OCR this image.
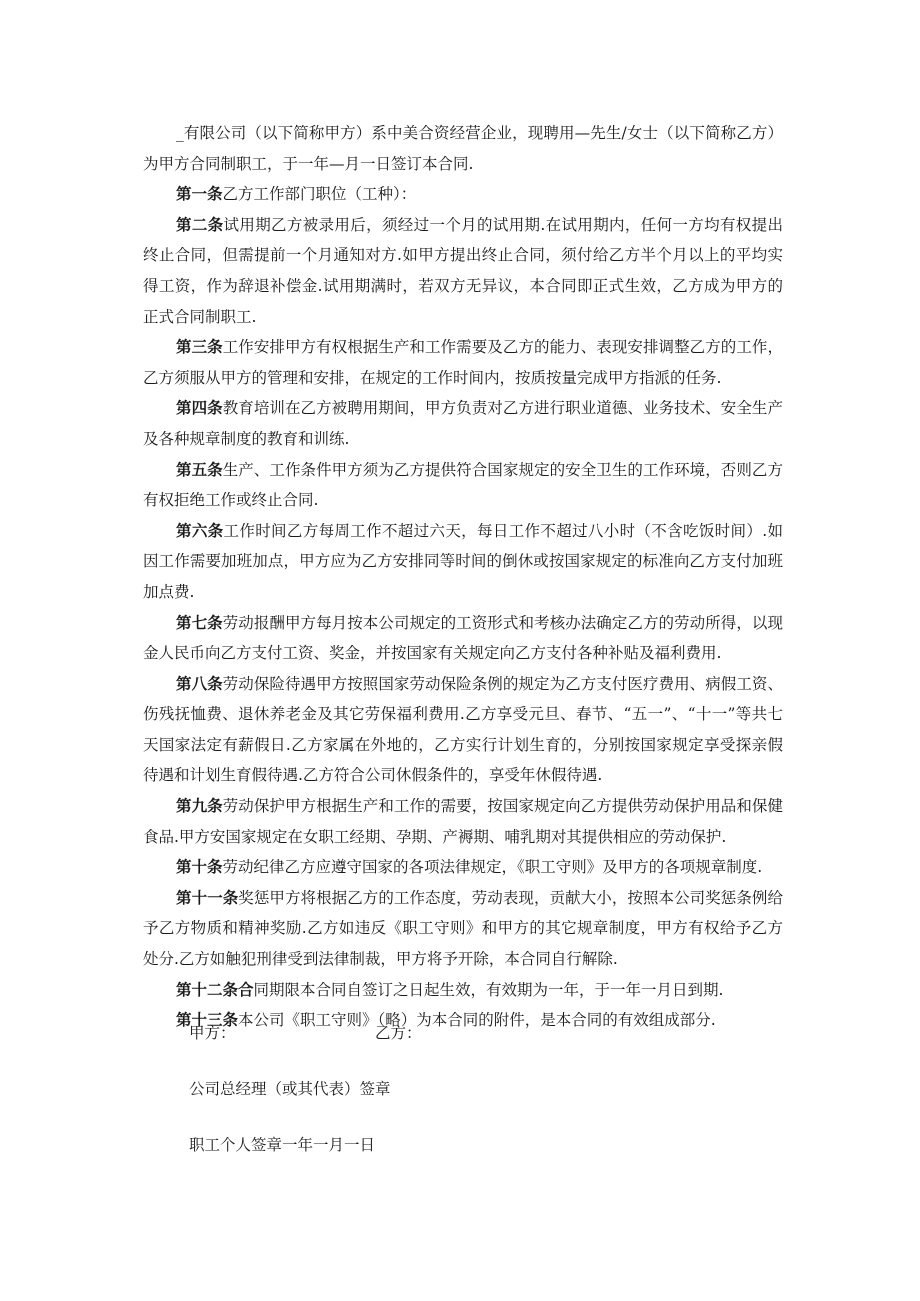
_有限公司（以下简称甲方）系中美合资经营企业，现聘用—先生/女士（以下简称乙方）为甲方合同制职工，于一年—月一日签订本合同.

第一条乙方工作部门职位（工种）：

第二条试用期乙方被录用后，须经过一个月的试用期.在试用期内，任何一方均有权提出终止合同，但需提前一个月通知对方.如甲方提出终止合同，须付给乙方半个月以上的平均实得工资，作为辞退补偿金.试用期满时，若双方无异议，本合同即正式生效，乙方成为甲方的正式合同制职工.

第三条工作安排甲方有权根据生产和工作需要及乙方的能力、表现安排调整乙方的工作，乙方须服从甲方的管理和安排，在规定的工作时间内，按质按量完成甲方指派的任务.

第四条教育培训在乙方被聘用期间，甲方负责对乙方进行职业道德、业务技术、安全生产及各种规章制度的教育和训练.

第五条生产、工作条件甲方须为乙方提供符合国家规定的安全卫生的工作环境，否则乙方有权拒绝工作或终止合同.

第六条工作时间乙方每周工作不超过六天，每日工作不超过八小时（不含吃饭时间）.如因工作需要加班加点，甲方应为乙方安排同等时间的倒休或按国家规定的标准向乙方支付加班加点费.

第七条劳动报酬甲方每月按本公司规定的工资形式和考核办法确定乙方的劳动所得，以现金人民币向乙方支付工资、奖金，并按国家有关规定向乙方支付各种补贴及福利费用.

第八条劳动保险待遇甲方按照国家劳动保险条例的规定为乙方支付医疗费用、病假工资、伤残抚恤费、退休养老金及其它劳保福利费用.乙方享受元旦、春节、“五一”、“十一”等共七天国家法定有薪假日.乙方家属在外地的，乙方实行计划生育的，分别按国家规定享受探亲假待遇和计划生育假待遇.乙方符合公司休假条件的，享受年休假待遇.

第九条劳动保护甲方根据生产和工作的需要，按国家规定向乙方提供劳动保护用品和保健食品.甲方安国家规定在女职工经期、孕期、产褥期、哺乳期对其提供相应的劳动保护.

第十条劳动纪律乙方应遵守国家的各项法律规定，《职工守则》及甲方的各项规章制度.

第十一条奖惩甲方将根据乙方的工作态度，劳动表现，贡献大小，按照本公司奖惩条例给予乙方物质和精神奖励.乙方如违反《职工守则》和甲方的其它规章制度，甲方有权给予乙方处分.乙方如触犯刑律受到法律制裁，甲方将予开除，本合同自行解除.

第十二条合同期限本合同自签订之日起生效，有效期为一年，于一年一月日到期.

第十三条本公司《职工守则》（略）为本合同的附件，是本合同的有效组成部分.

甲方：	乙方：
公司总经理（或其代表）签章
职工个人签章一年一月一日
